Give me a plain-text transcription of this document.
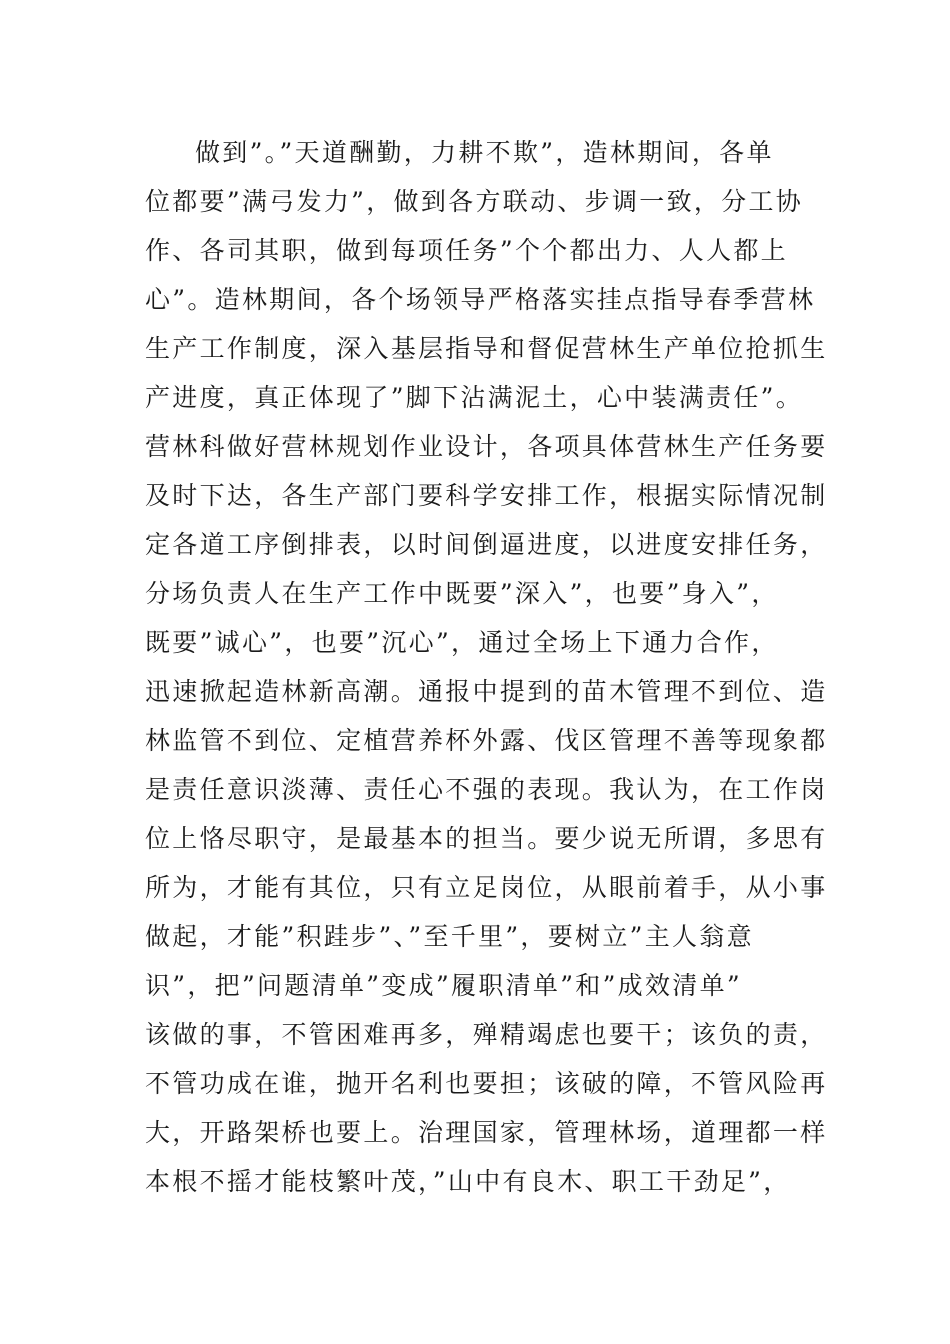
做到”。”天道酬勤，力耕不欺”，造林期间，各单
位都要”满弓发力”，做到各方联动、步调一致，分工协
作、各司其职，做到每项任务”个个都出力、人人都上
心”。造林期间，各个场领导严格落实挂点指导春季营林
生产工作制度，深入基层指导和督促营林生产单位抢抓生
产进度，真正体现了”脚下沾满泥土，心中装满责任”。
营林科做好营林规划作业设计，各项具体营林生产任务要
及时下达，各生产部门要科学安排工作，根据实际情况制
定各道工序倒排表，以时间倒逼进度，以进度安排任务，
分场负责人在生产工作中既要”深入”，也要”身入”，
既要”诚心”，也要”沉心”，通过全场上下通力合作，
迅速掀起造林新高潮。通报中提到的苗木管理不到位、造
林监管不到位、定植营养杯外露、伐区管理不善等现象都
是责任意识淡薄、责任心不强的表现。我认为，在工作岗
位上恪尽职守，是最基本的担当。要少说无所谓，多思有
所为，才能有其位，只有立足岗位，从眼前着手，从小事
做起，才能”积跬步”、”至千里”，要树立”主人翁意
识”，把”问题清单”变成”履职清单”和”成效清单”
该做的事，不管困难再多，殚精竭虑也要干；该负的责，
不管功成在谁，抛开名利也要担；该破的障，不管风险再
大，开路架桥也要上。治理国家，管理林场，道理都一样
本根不摇才能枝繁叶茂，”山中有良木、职工干劲足”，
